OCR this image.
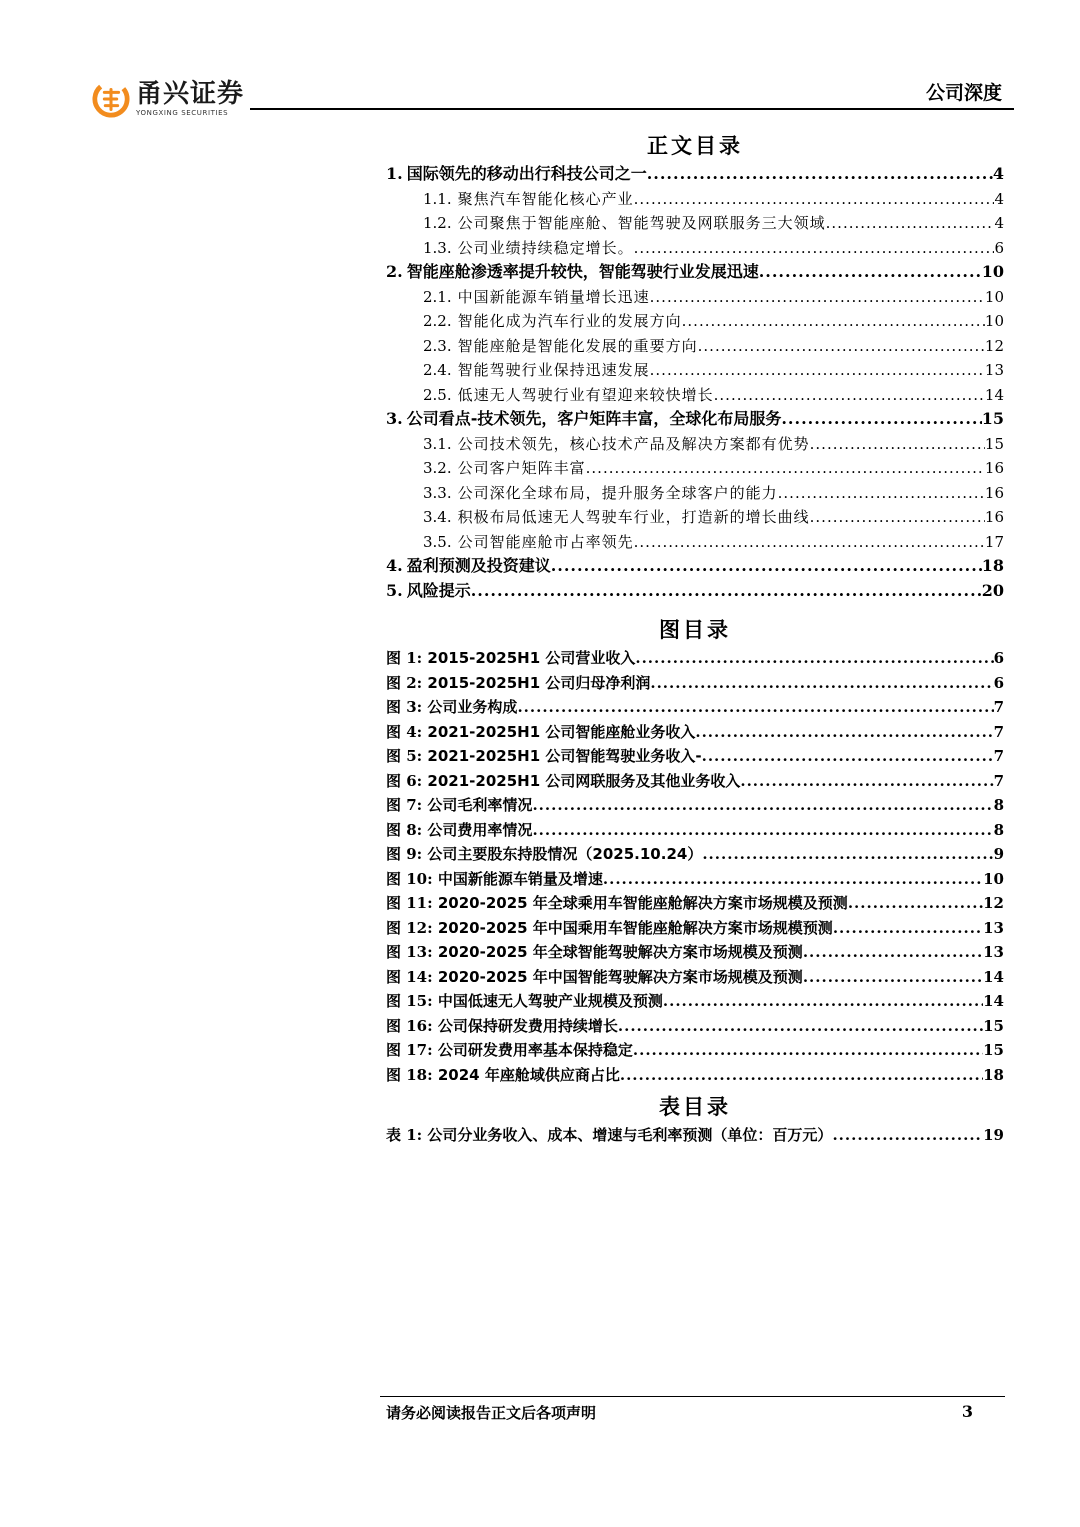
甬兴证券
YONGXING SECURITIES
公司深度
正文目录
1. 国际领先的移动出行科技公司之一 .....	4
1.1. 聚焦汽车智能化核心产业 .....	4
1.2. 公司聚焦于智能座舱、智能驾驶及网联服务三大领域 .....	4
1.3. 公司业绩持续稳定增长。 .....	6
2. 智能座舱渗透率提升较快，智能驾驶行业发展迅速 .....	10
2.1. 中国新能源车销量增长迅速 .....	10
2.2. 智能化成为汽车行业的发展方向 .....	10
2.3. 智能座舱是智能化发展的重要方向 .....	12
2.4. 智能驾驶行业保持迅速发展 .....	13
2.5. 低速无人驾驶行业有望迎来较快增长 .....	14
3. 公司看点-技术领先，客户矩阵丰富，全球化布局服务 .....	15
3.1. 公司技术领先，核心技术产品及解决方案都有优势 .....	15
3.2. 公司客户矩阵丰富 .....	16
3.3. 公司深化全球布局，提升服务全球客户的能力 .....	16
3.4. 积极布局低速无人驾驶车行业，打造新的增长曲线 .....	16
3.5. 公司智能座舱市占率领先 .....	17
4. 盈利预测及投资建议 .....	18
5. 风险提示 .....	20
图目录
图 1: 2015-2025H1 公司营业收入 .....	6
图 2: 2015-2025H1 公司归母净利润 .....	6
图 3: 公司业务构成 .....	7
图 4: 2021-2025H1 公司智能座舱业务收入 .....	7
图 5: 2021-2025H1 公司智能驾驶业务收入- .....	7
图 6: 2021-2025H1 公司网联服务及其他业务收入 .....	7
图 7: 公司毛利率情况 .....	8
图 8: 公司费用率情况 .....	8
图 9: 公司主要股东持股情况（2025.10.24） .....	9
图 10: 中国新能源车销量及增速 .....	10
图 11: 2020-2025 年全球乘用车智能座舱解决方案市场规模及预测 .....	12
图 12: 2020-2025 年中国乘用车智能座舱解决方案市场规模预测 .....	13
图 13: 2020-2025 年全球智能驾驶解决方案市场规模及预测 .....	13
图 14: 2020-2025 年中国智能驾驶解决方案市场规模及预测 .....	14
图 15: 中国低速无人驾驶产业规模及预测 .....	14
图 16: 公司保持研发费用持续增长 .....	15
图 17: 公司研发费用率基本保持稳定 .....	15
图 18: 2024 年座舱域供应商占比 .....	18
表目录
表 1: 公司分业务收入、成本、增速与毛利率预测（单位：百万元） .....	19
请务必阅读报告正文后各项声明	3
